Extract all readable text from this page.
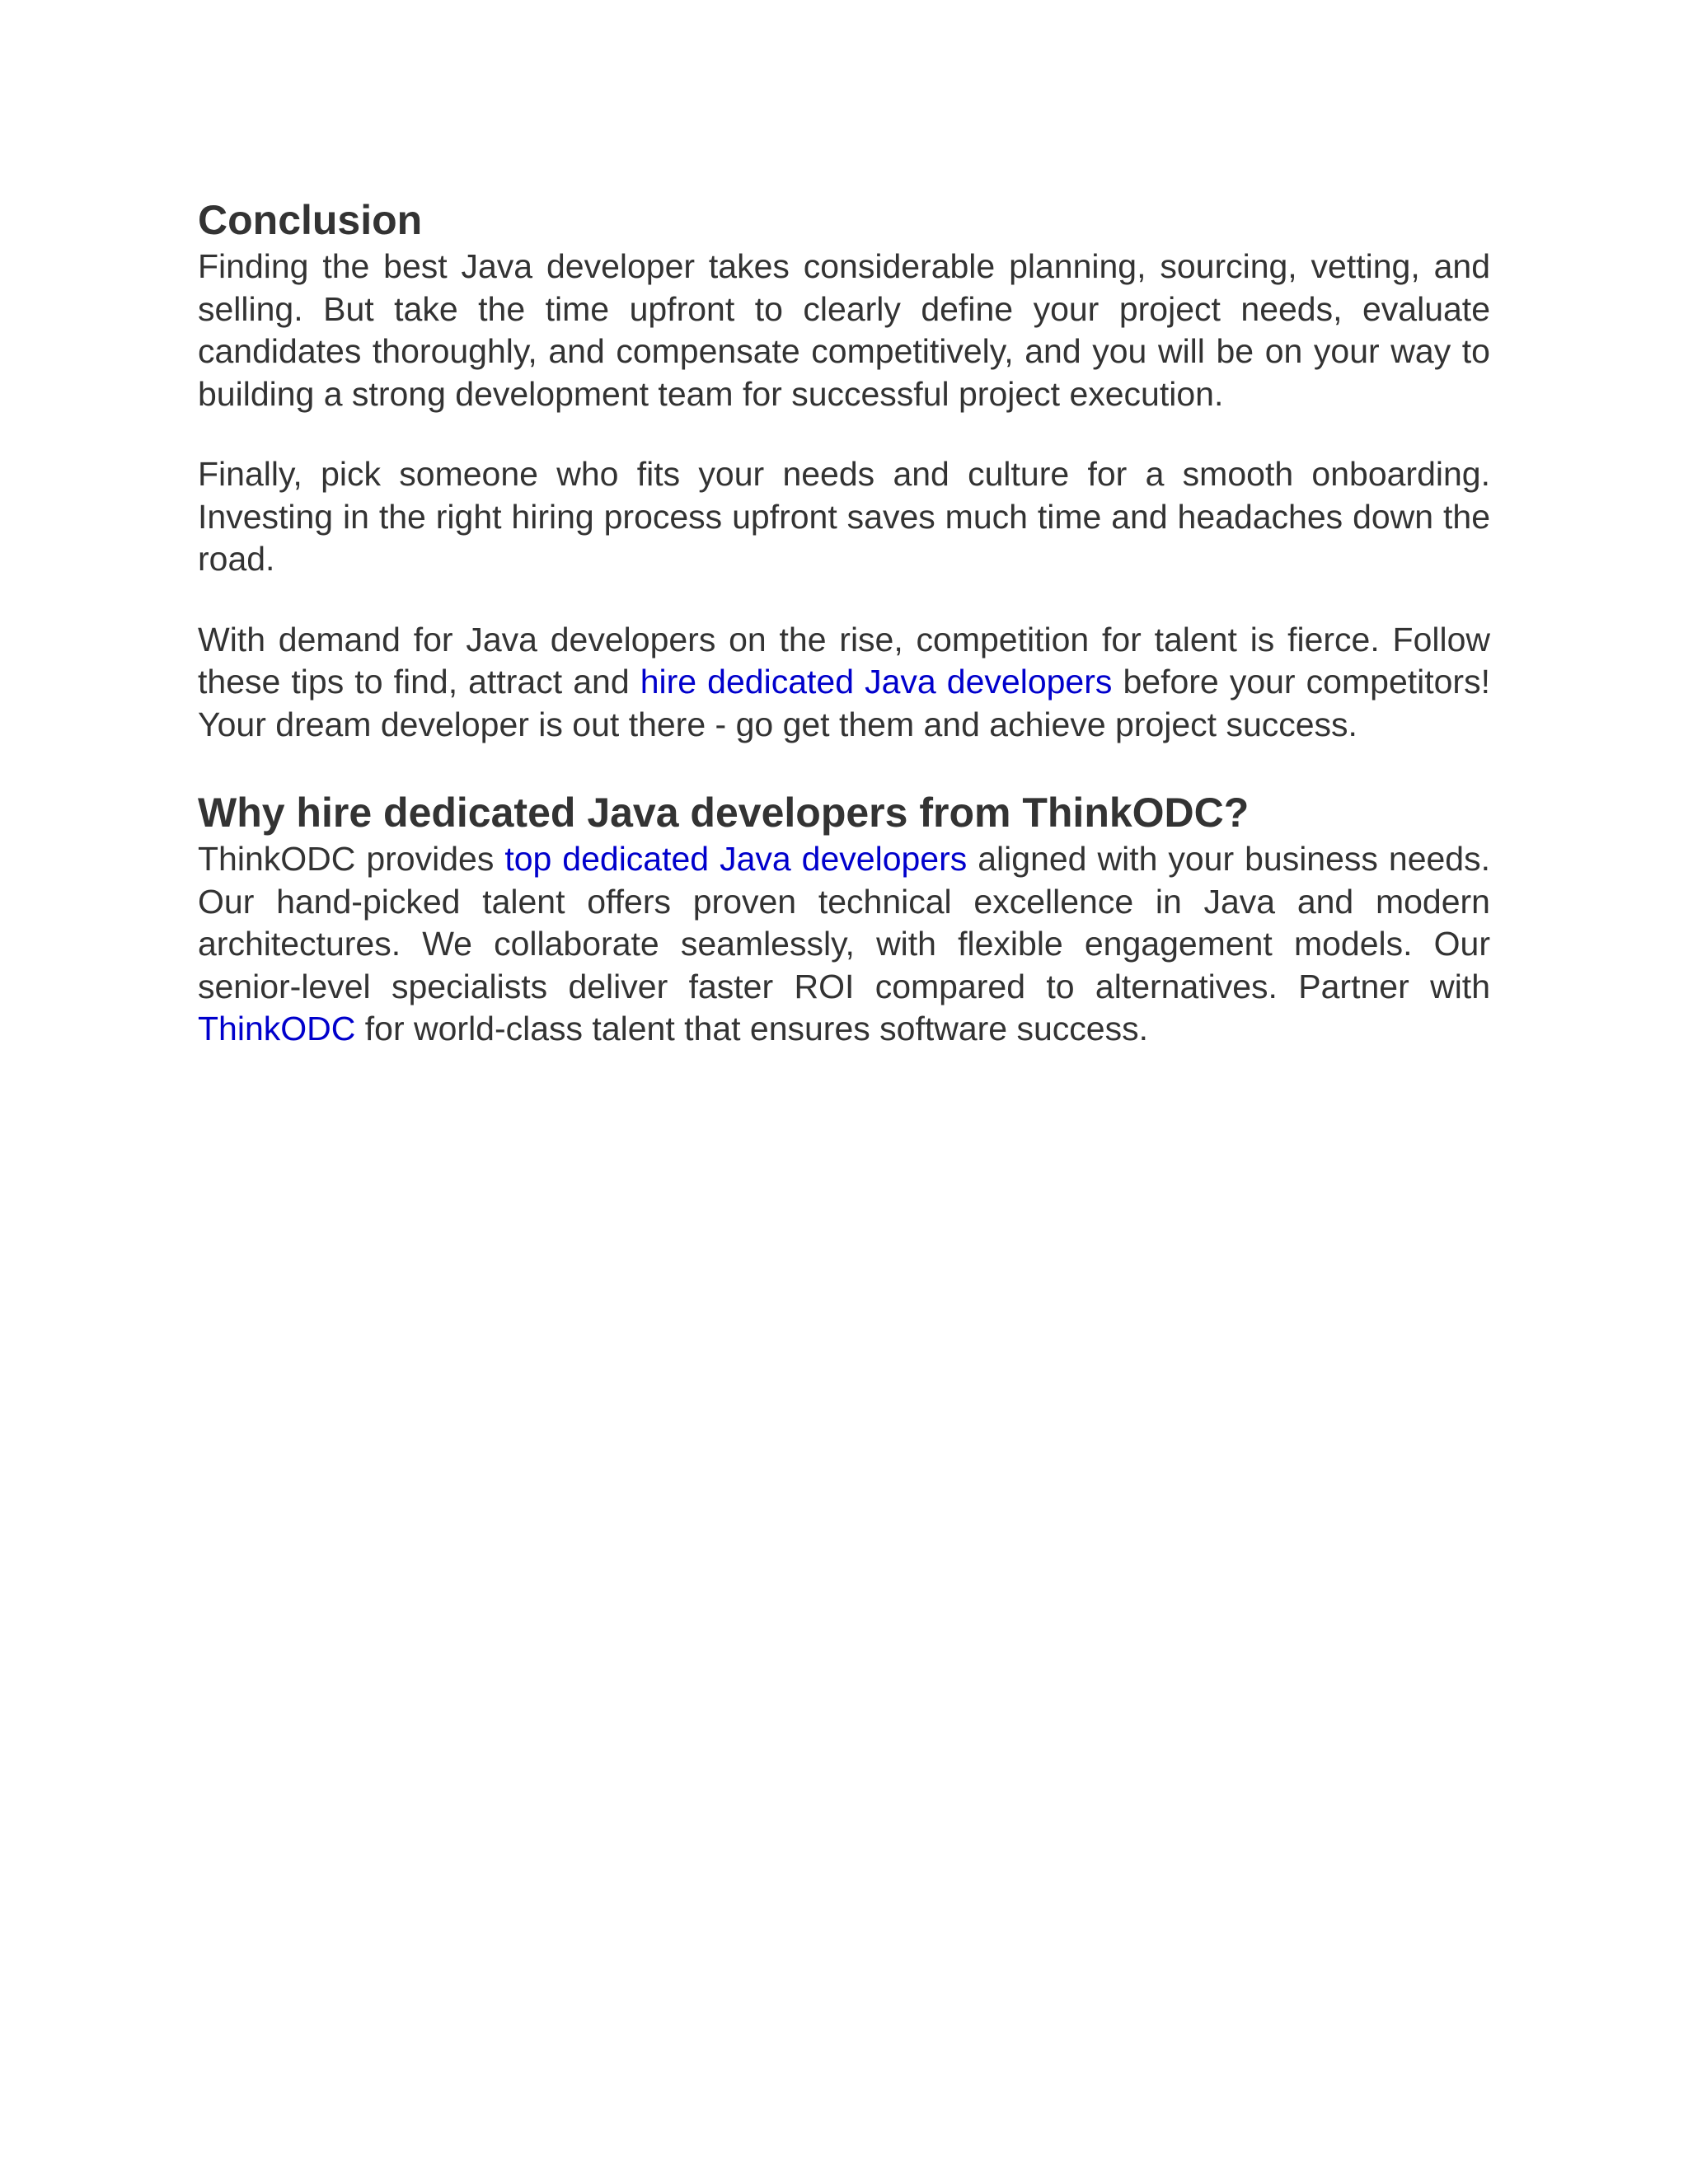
Conclusion

Finding the best Java developer takes considerable planning, sourcing, vetting, and selling. But take the time upfront to clearly define your project needs, evaluate candidates thoroughly, and compensate competitively, and you will be on your way to building a strong development team for successful project execution.

Finally, pick someone who fits your needs and culture for a smooth onboarding. Investing in the right hiring process upfront saves much time and headaches down the road.

With demand for Java developers on the rise, competition for talent is fierce. Follow these tips to find, attract and hire dedicated Java developers before your competitors! Your dream developer is out there - go get them and achieve project success.

Why hire dedicated Java developers from ThinkODC?

ThinkODC provides top dedicated Java developers aligned with your business needs. Our hand-picked talent offers proven technical excellence in Java and modern architectures. We collaborate seamlessly, with flexible engagement models. Our senior-level specialists deliver faster ROI compared to alternatives. Partner with ThinkODC for world-class talent that ensures software success.
